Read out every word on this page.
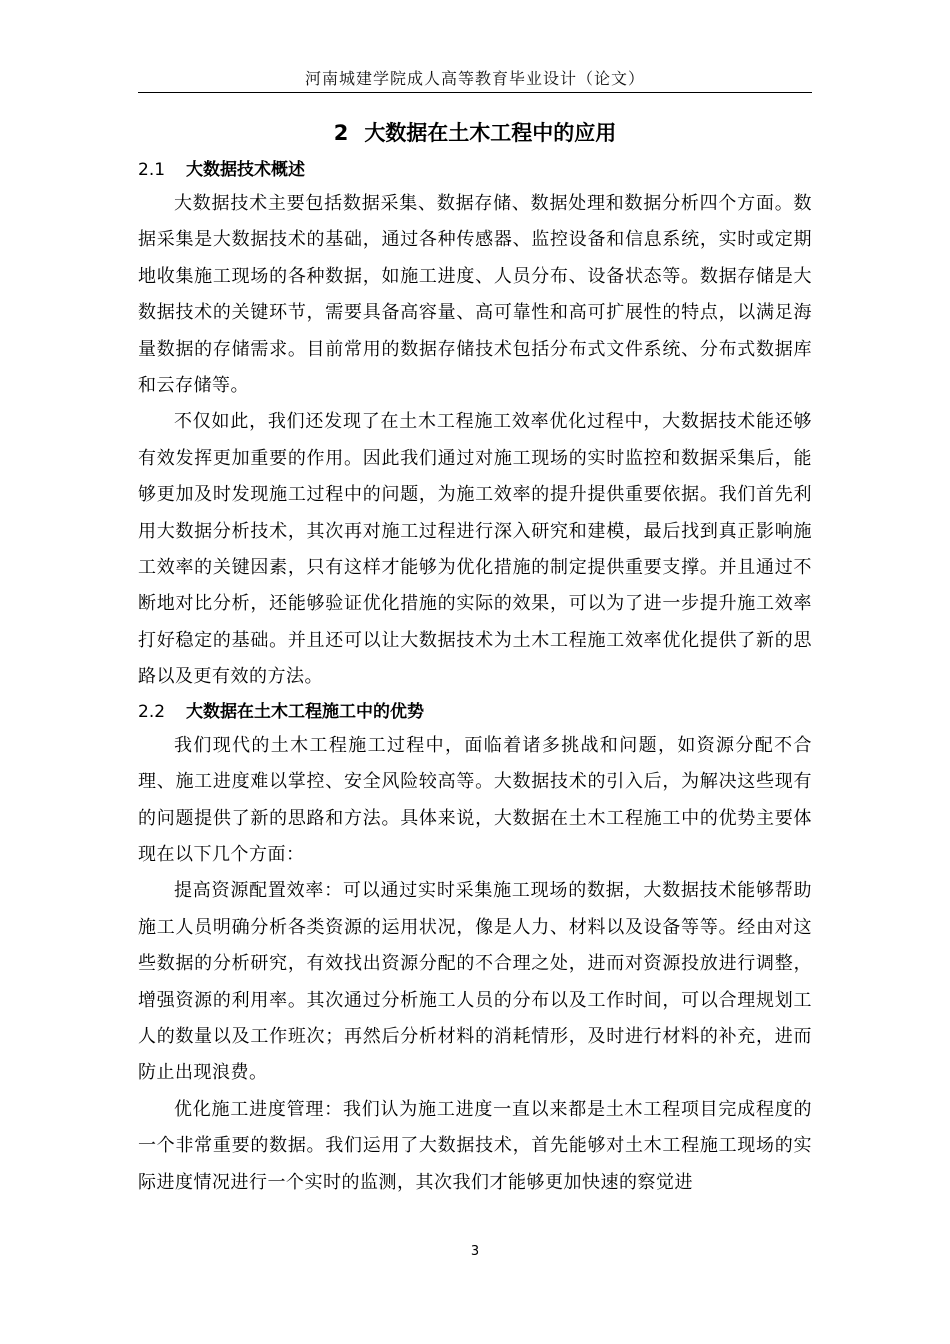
河南城建学院成人高等教育毕业设计（论文）
2 大数据在土木工程中的应用
2.1 大数据技术概述

大数据技术主要包括数据采集、数据存储、数据处理和数据分析四个方面。数据采集是大数据技术的基础，通过各种传感器、监控设备和信息系统，实时或定期地收集施工现场的各种数据，如施工进度、人员分布、设备状态等。数据存储是大数据技术的关键环节，需要具备高容量、高可靠性和高可扩展性的特点，以满足海量数据的存储需求。目前常用的数据存储技术包括分布式文件系统、分布式数据库和云存储等。

不仅如此，我们还发现了在土木工程施工效率优化过程中，大数据技术能还够有效发挥更加重要的作用。因此我们通过对施工现场的实时监控和数据采集后，能够更加及时发现施工过程中的问题，为施工效率的提升提供重要依据。我们首先利用大数据分析技术，其次再对施工过程进行深入研究和建模，最后找到真正影响施工效率的关键因素，只有这样才能够为优化措施的制定提供重要支撑。并且通过不断地对比分析，还能够验证优化措施的实际的效果，可以为了进一步提升施工效率打好稳定的基础。并且还可以让大数据技术为土木工程施工效率优化提供了新的思路以及更有效的方法。

2.2 大数据在土木工程施工中的优势

我们现代的土木工程施工过程中，面临着诸多挑战和问题，如资源分配不合理、施工进度难以掌控、安全风险较高等。大数据技术的引入后，为解决这些现有的问题提供了新的思路和方法。具体来说，大数据在土木工程施工中的优势主要体现在以下几个方面：

提高资源配置效率：可以通过实时采集施工现场的数据，大数据技术能够帮助施工人员明确分析各类资源的运用状况，像是人力、材料以及设备等等。经由对这些数据的分析研究，有效找出资源分配的不合理之处，进而对资源投放进行调整，增强资源的利用率。其次通过分析施工人员的分布以及工作时间，可以合理规划工人的数量以及工作班次；再然后分析材料的消耗情形，及时进行材料的补充，进而防止出现浪费。

优化施工进度管理：我们认为施工进度一直以来都是土木工程项目完成程度的一个非常重要的数据。我们运用了大数据技术，首先能够对土木工程施工现场的实际进度情况进行一个实时的监测，其次我们才能够更加快速的察觉进

3
